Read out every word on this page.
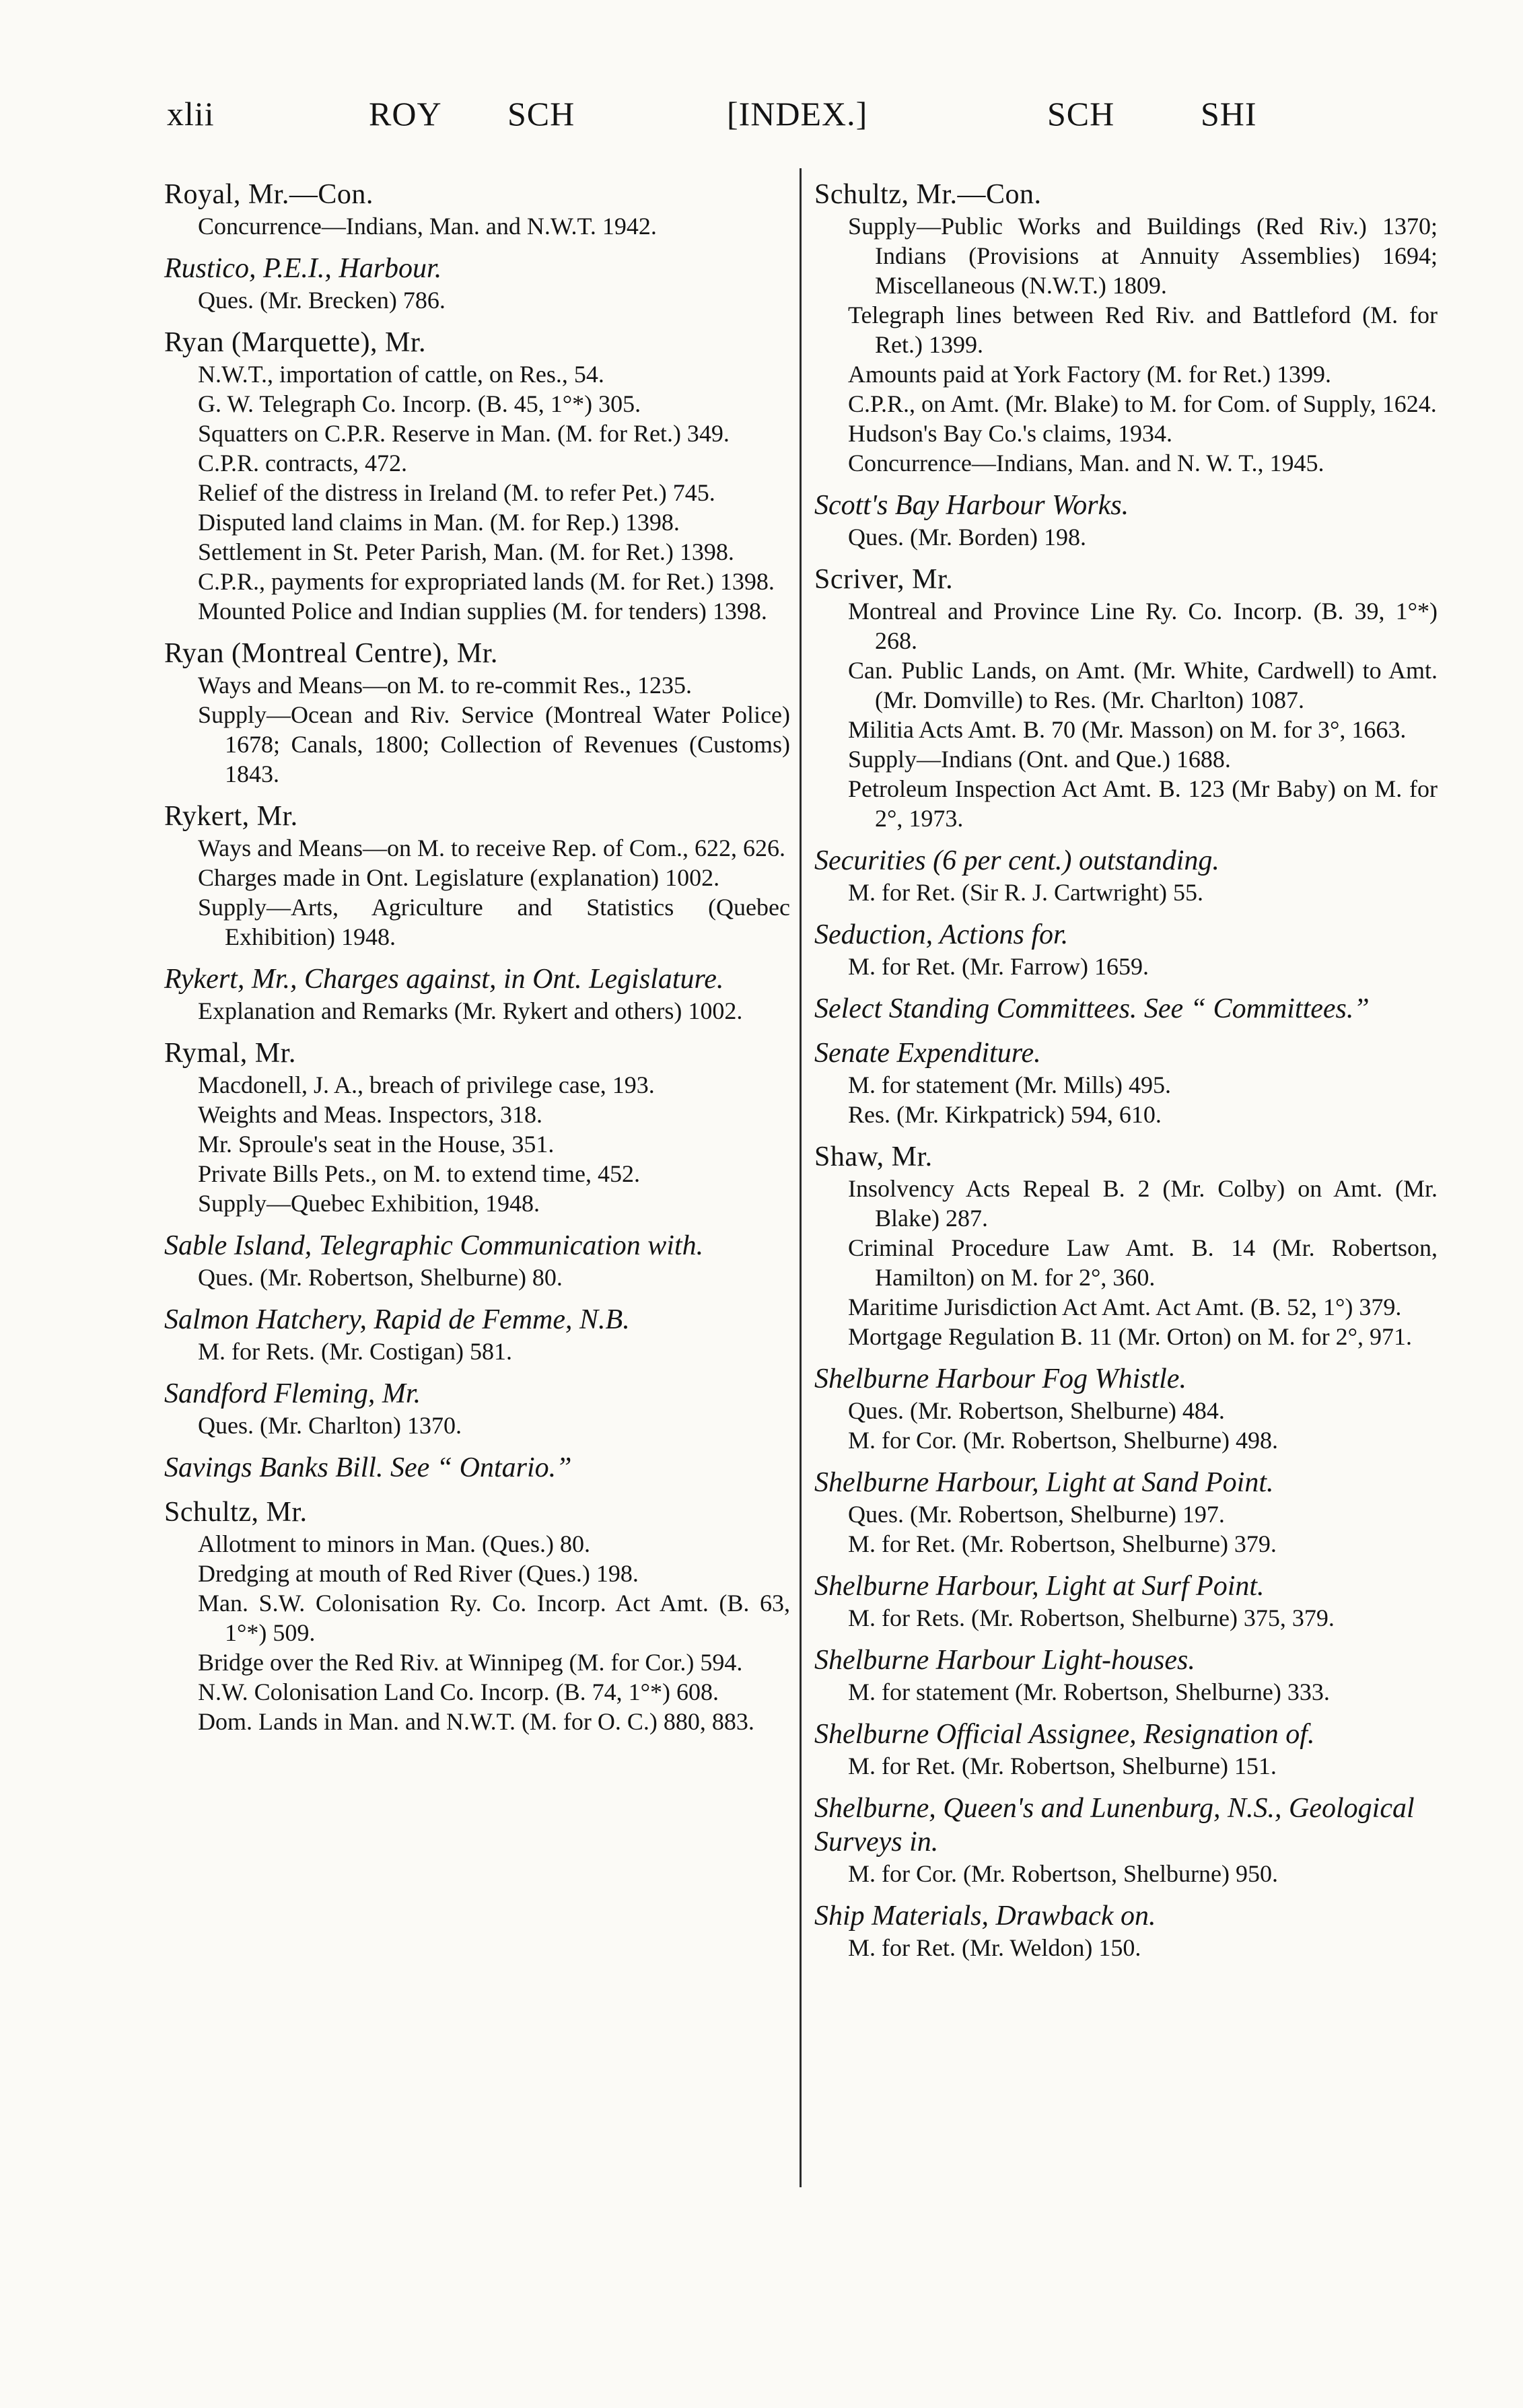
xlii	ROY SCH	[INDEX.]	SCH	SHI
Royal, Mr.—Con.
Concurrence—Indians, Man. and N.W.T. 1942.
Rustico, P.E.I., Harbour.
Ques. (Mr. Brecken) 786.
Ryan (Marquette), Mr.
N.W.T., importation of cattle, on Res., 54.
G. W. Telegraph Co. Incorp. (B. 45, 1°*) 305.
Squatters on C.P.R. Reserve in Man. (M. for Ret.) 349.
C.P.R. contracts, 472.
Relief of the distress in Ireland (M. to refer Pet.) 745.
Disputed land claims in Man. (M. for Rep.) 1398.
Settlement in St. Peter Parish, Man. (M. for Ret.) 1398.
C.P.R., payments for expropriated lands (M. for Ret.) 1398.
Mounted Police and Indian supplies (M. for tenders) 1398.
Ryan (Montreal Centre), Mr.
Ways and Means—on M. to re-commit Res., 1235.
Supply—Ocean and Riv. Service (Montreal Water Police) 1678; Canals, 1800; Collection of Revenues (Customs) 1843.
Rykert, Mr.
Ways and Means—on M. to receive Rep. of Com., 622, 626.
Charges made in Ont. Legislature (explanation) 1002.
Supply—Arts, Agriculture and Statistics (Quebec Exhibition) 1948.
Rykert, Mr., Charges against, in Ont. Legislature.
Explanation and Remarks (Mr. Rykert and others) 1002.
Rymal, Mr.
Macdonell, J. A., breach of privilege case, 193.
Weights and Meas. Inspectors, 318.
Mr. Sproule's seat in the House, 351.
Private Bills Pets., on M. to extend time, 452.
Supply—Quebec Exhibition, 1948.
Sable Island, Telegraphic Communication with.
Ques. (Mr. Robertson, Shelburne) 80.
Salmon Hatchery, Rapid de Femme, N.B.
M. for Rets. (Mr. Costigan) 581.
Sandford Fleming, Mr.
Ques. (Mr. Charlton) 1370.
Savings Banks Bill. See “ Ontario.”
Schultz, Mr.
Allotment to minors in Man. (Ques.) 80.
Dredging at mouth of Red River (Ques.) 198.
Man. S.W. Colonisation Ry. Co. Incorp. Act Amt. (B. 63, 1°*) 509.
Bridge over the Red Riv. at Winnipeg (M. for Cor.) 594.
N.W. Colonisation Land Co. Incorp. (B. 74, 1°*) 608.
Dom. Lands in Man. and N.W.T. (M. for O. C.) 880, 883.
Schultz, Mr.—Con.
Supply—Public Works and Buildings (Red Riv.) 1370; Indians (Provisions at Annuity Assemblies) 1694; Miscellaneous (N.W.T.) 1809.
Telegraph lines between Red Riv. and Battleford (M. for Ret.) 1399.
Amounts paid at York Factory (M. for Ret.) 1399.
C.P.R., on Amt. (Mr. Blake) to M. for Com. of Supply, 1624.
Hudson's Bay Co.'s claims, 1934.
Concurrence—Indians, Man. and N. W. T., 1945.
Scott's Bay Harbour Works.
Ques. (Mr. Borden) 198.
Scriver, Mr.
Montreal and Province Line Ry. Co. Incorp. (B. 39, 1°*) 268.
Can. Public Lands, on Amt. (Mr. White, Cardwell) to Amt. (Mr. Domville) to Res. (Mr. Charlton) 1087.
Militia Acts Amt. B. 70 (Mr. Masson) on M. for 3°, 1663.
Supply—Indians (Ont. and Que.) 1688.
Petroleum Inspection Act Amt. B. 123 (Mr Baby) on M. for 2°, 1973.
Securities (6 per cent.) outstanding.
M. for Ret. (Sir R. J. Cartwright) 55.
Seduction, Actions for.
M. for Ret. (Mr. Farrow) 1659.
Select Standing Committees. See “ Committees.”
Senate Expenditure.
M. for statement (Mr. Mills) 495.
Res. (Mr. Kirkpatrick) 594, 610.
Shaw, Mr.
Insolvency Acts Repeal B. 2 (Mr. Colby) on Amt. (Mr. Blake) 287.
Criminal Procedure Law Amt. B. 14 (Mr. Robertson, Hamilton) on M. for 2°, 360.
Maritime Jurisdiction Act Amt. Act Amt. (B. 52, 1°) 379.
Mortgage Regulation B. 11 (Mr. Orton) on M. for 2°, 971.
Shelburne Harbour Fog Whistle.
Ques. (Mr. Robertson, Shelburne) 484.
M. for Cor. (Mr. Robertson, Shelburne) 498.
Shelburne Harbour, Light at Sand Point.
Ques. (Mr. Robertson, Shelburne) 197.
M. for Ret. (Mr. Robertson, Shelburne) 379.
Shelburne Harbour, Light at Surf Point.
M. for Rets. (Mr. Robertson, Shelburne) 375, 379.
Shelburne Harbour Light-houses.
M. for statement (Mr. Robertson, Shelburne) 333.
Shelburne Official Assignee, Resignation of.
M. for Ret. (Mr. Robertson, Shelburne) 151.
Shelburne, Queen's and Lunenburg, N.S., Geological Surveys in.
M. for Cor. (Mr. Robertson, Shelburne) 950.
Ship Materials, Drawback on.
M. for Ret. (Mr. Weldon) 150.
